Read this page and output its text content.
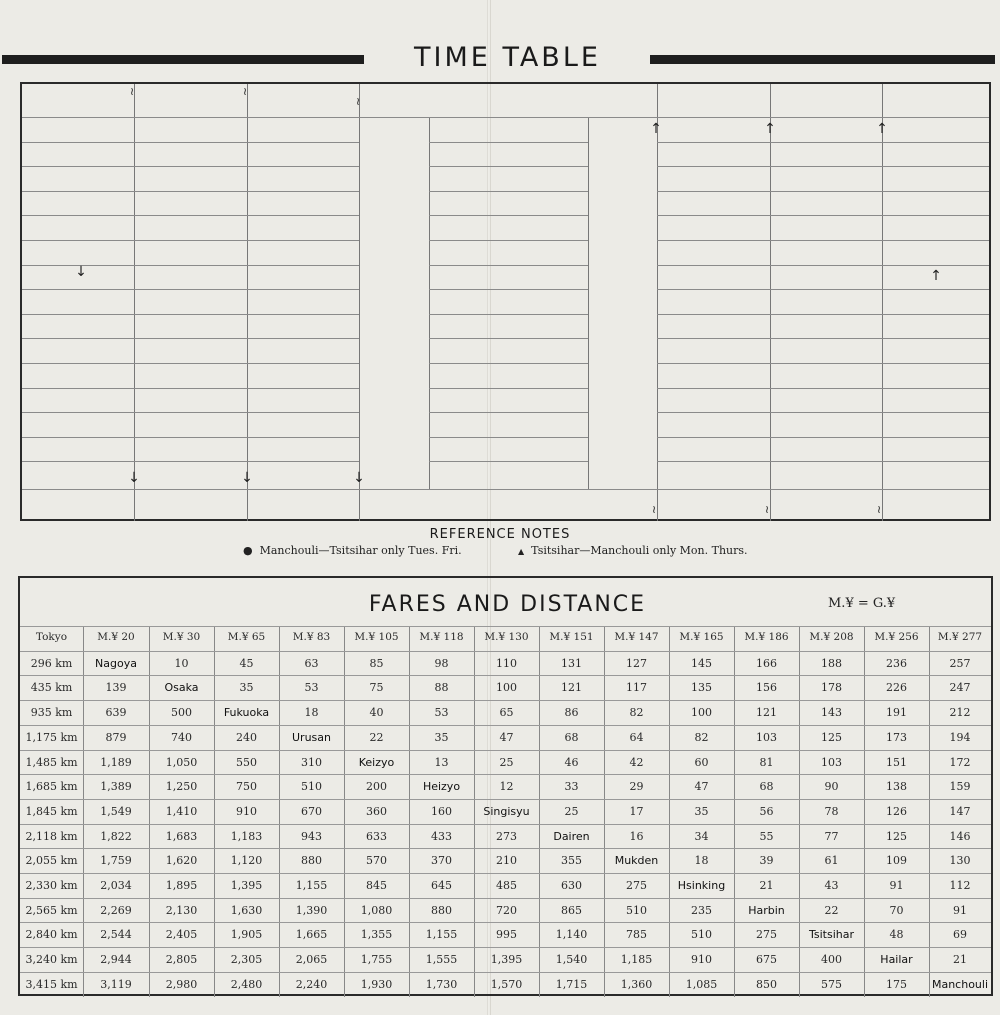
TIME TABLE
≀	≀
≀
≀	≀	≀
↓
↓	↓	↓
↑	↑	↑
↑
REFERENCE NOTES
● Manchouli—Tsitsihar only Tues. Fri.	▲ Tsitsihar—Manchouli only Mon. Thurs.
FARES AND DISTANCE	M.¥ = G.¥
Tokyo	M.¥ 20	M.¥ 30	M.¥ 65	M.¥ 83	M.¥ 105	M.¥ 118	M.¥ 130	M.¥ 151	M.¥ 147	M.¥ 165	M.¥ 186	M.¥ 208	M.¥ 256	M.¥ 277
296 km	Nagoya	10	45	63	85	98	110	131	127	145	166	188	236	257
435 km	139	Osaka	35	53	75	88	100	121	117	135	156	178	226	247
935 km	639	500	Fukuoka	18	40	53	65	86	82	100	121	143	191	212
1,175 km	879	740	240	Urusan	22	35	47	68	64	82	103	125	173	194
1,485 km	1,189	1,050	550	310	Keizyo	13	25	46	42	60	81	103	151	172
1,685 km	1,389	1,250	750	510	200	Heizyo	12	33	29	47	68	90	138	159
1,845 km	1,549	1,410	910	670	360	160	Singisyu	25	17	35	56	78	126	147
2,118 km	1,822	1,683	1,183	943	633	433	273	Dairen	16	34	55	77	125	146
2,055 km	1,759	1,620	1,120	880	570	370	210	355	Mukden	18	39	61	109	130
2,330 km	2,034	1,895	1,395	1,155	845	645	485	630	275	Hsinking	21	43	91	112
2,565 km	2,269	2,130	1,630	1,390	1,080	880	720	865	510	235	Harbin	22	70	91
2,840 km	2,544	2,405	1,905	1,665	1,355	1,155	995	1,140	785	510	275	Tsitsihar	48	69
3,240 km	2,944	2,805	2,305	2,065	1,755	1,555	1,395	1,540	1,185	910	675	400	Hailar	21
3,415 km	3,119	2,980	2,480	2,240	1,930	1,730	1,570	1,715	1,360	1,085	850	575	175	Manchouli
